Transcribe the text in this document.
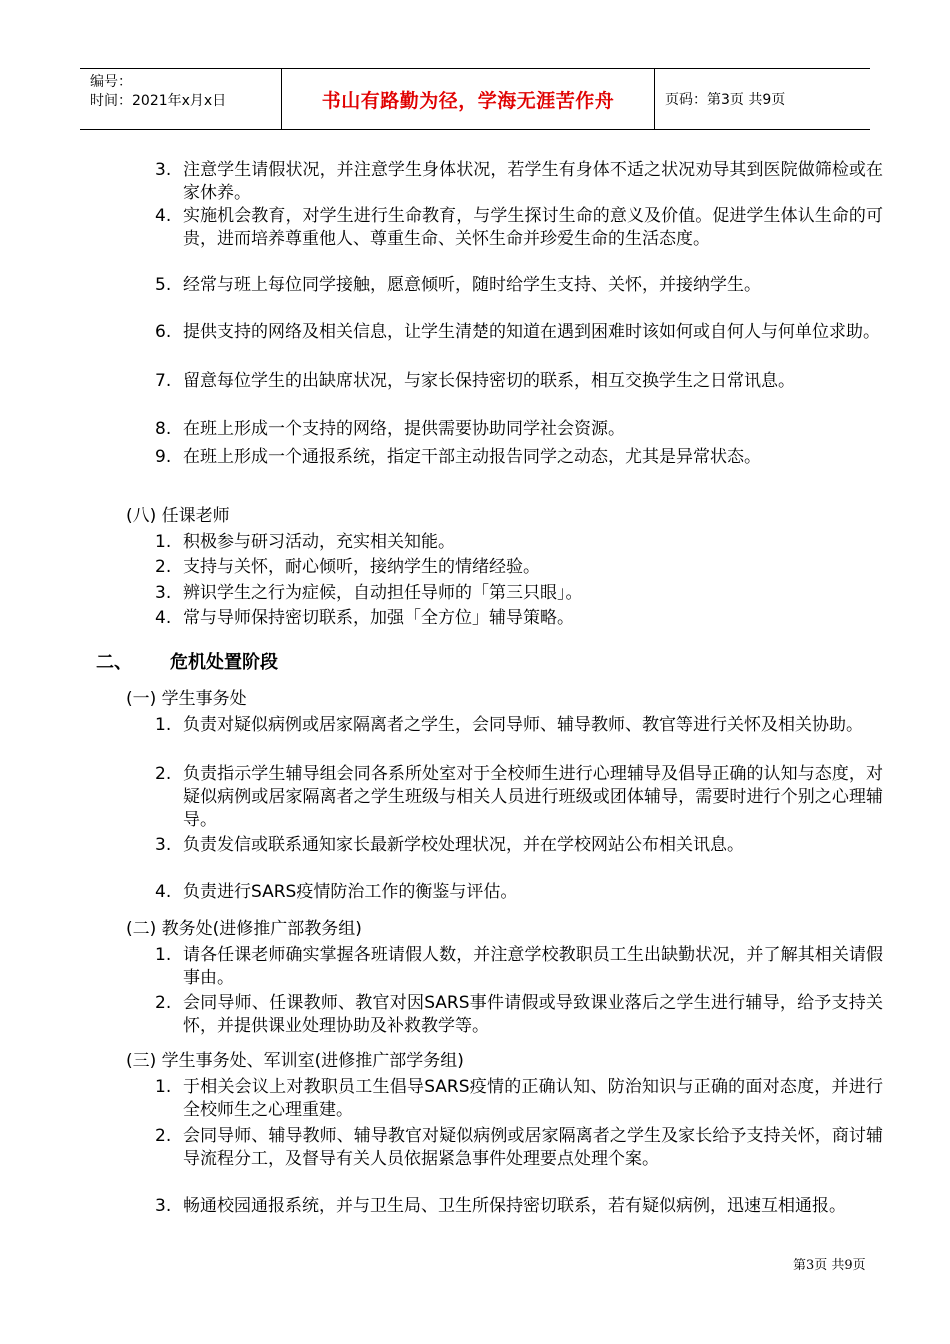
编号：
时间：2021年x月x日	书山有路勤为径，学海无涯苦作舟	页码：第3页 共9页
3. 注意学生请假状况，并注意学生身体状况，若学生有身体不适之状况劝导其到医院做筛检或在家休养。
4. 实施机会教育，对学生进行生命教育，与学生探讨生命的意义及价值。促进学生体认生命的可贵，进而培养尊重他人、尊重生命、关怀生命并珍爱生命的生活态度。
5. 经常与班上每位同学接触，愿意倾听，随时给学生支持、关怀，并接纳学生。
6. 提供支持的网络及相关信息，让学生清楚的知道在遇到困难时该如何或自何人与何单位求助。
7. 留意每位学生的出缺席状况，与家长保持密切的联系，相互交换学生之日常讯息。
8. 在班上形成一个支持的网络，提供需要协助同学社会资源。
9. 在班上形成一个通报系统，指定干部主动报告同学之动态，尤其是异常状态。
(八) 任课老师
1. 积极参与研习活动，充实相关知能。
2. 支持与关怀，耐心倾听，接纳学生的情绪经验。
3. 辨识学生之行为症候，自动担任导师的「第三只眼」。
4. 常与导师保持密切联系，加强「全方位」辅导策略。
二、 危机处置阶段
(一) 学生事务处
1. 负责对疑似病例或居家隔离者之学生，会同导师、辅导教师、教官等进行关怀及相关协助。
2. 负责指示学生辅导组会同各系所处室对于全校师生进行心理辅导及倡导正确的认知与态度，对疑似病例或居家隔离者之学生班级与相关人员进行班级或团体辅导，需要时进行个别之心理辅导。
3. 负责发信或联系通知家长最新学校处理状况，并在学校网站公布相关讯息。
4. 负责进行SARS疫情防治工作的衡鉴与评估。
(二) 教务处(进修推广部教务组)
1. 请各任课老师确实掌握各班请假人数，并注意学校教职员工生出缺勤状况，并了解其相关请假事由。
2. 会同导师、任课教师、教官对因SARS事件请假或导致课业落后之学生进行辅导，给予支持关怀，并提供课业处理协助及补救教学等。
(三) 学生事务处、军训室(进修推广部学务组)
1. 于相关会议上对教职员工生倡导SARS疫情的正确认知、防治知识与正确的面对态度，并进行全校师生之心理重建。
2. 会同导师、辅导教师、辅导教官对疑似病例或居家隔离者之学生及家长给予支持关怀，商讨辅导流程分工，及督导有关人员依据紧急事件处理要点处理个案。
3. 畅通校园通报系统，并与卫生局、卫生所保持密切联系，若有疑似病例，迅速互相通报。
第3页 共9页
